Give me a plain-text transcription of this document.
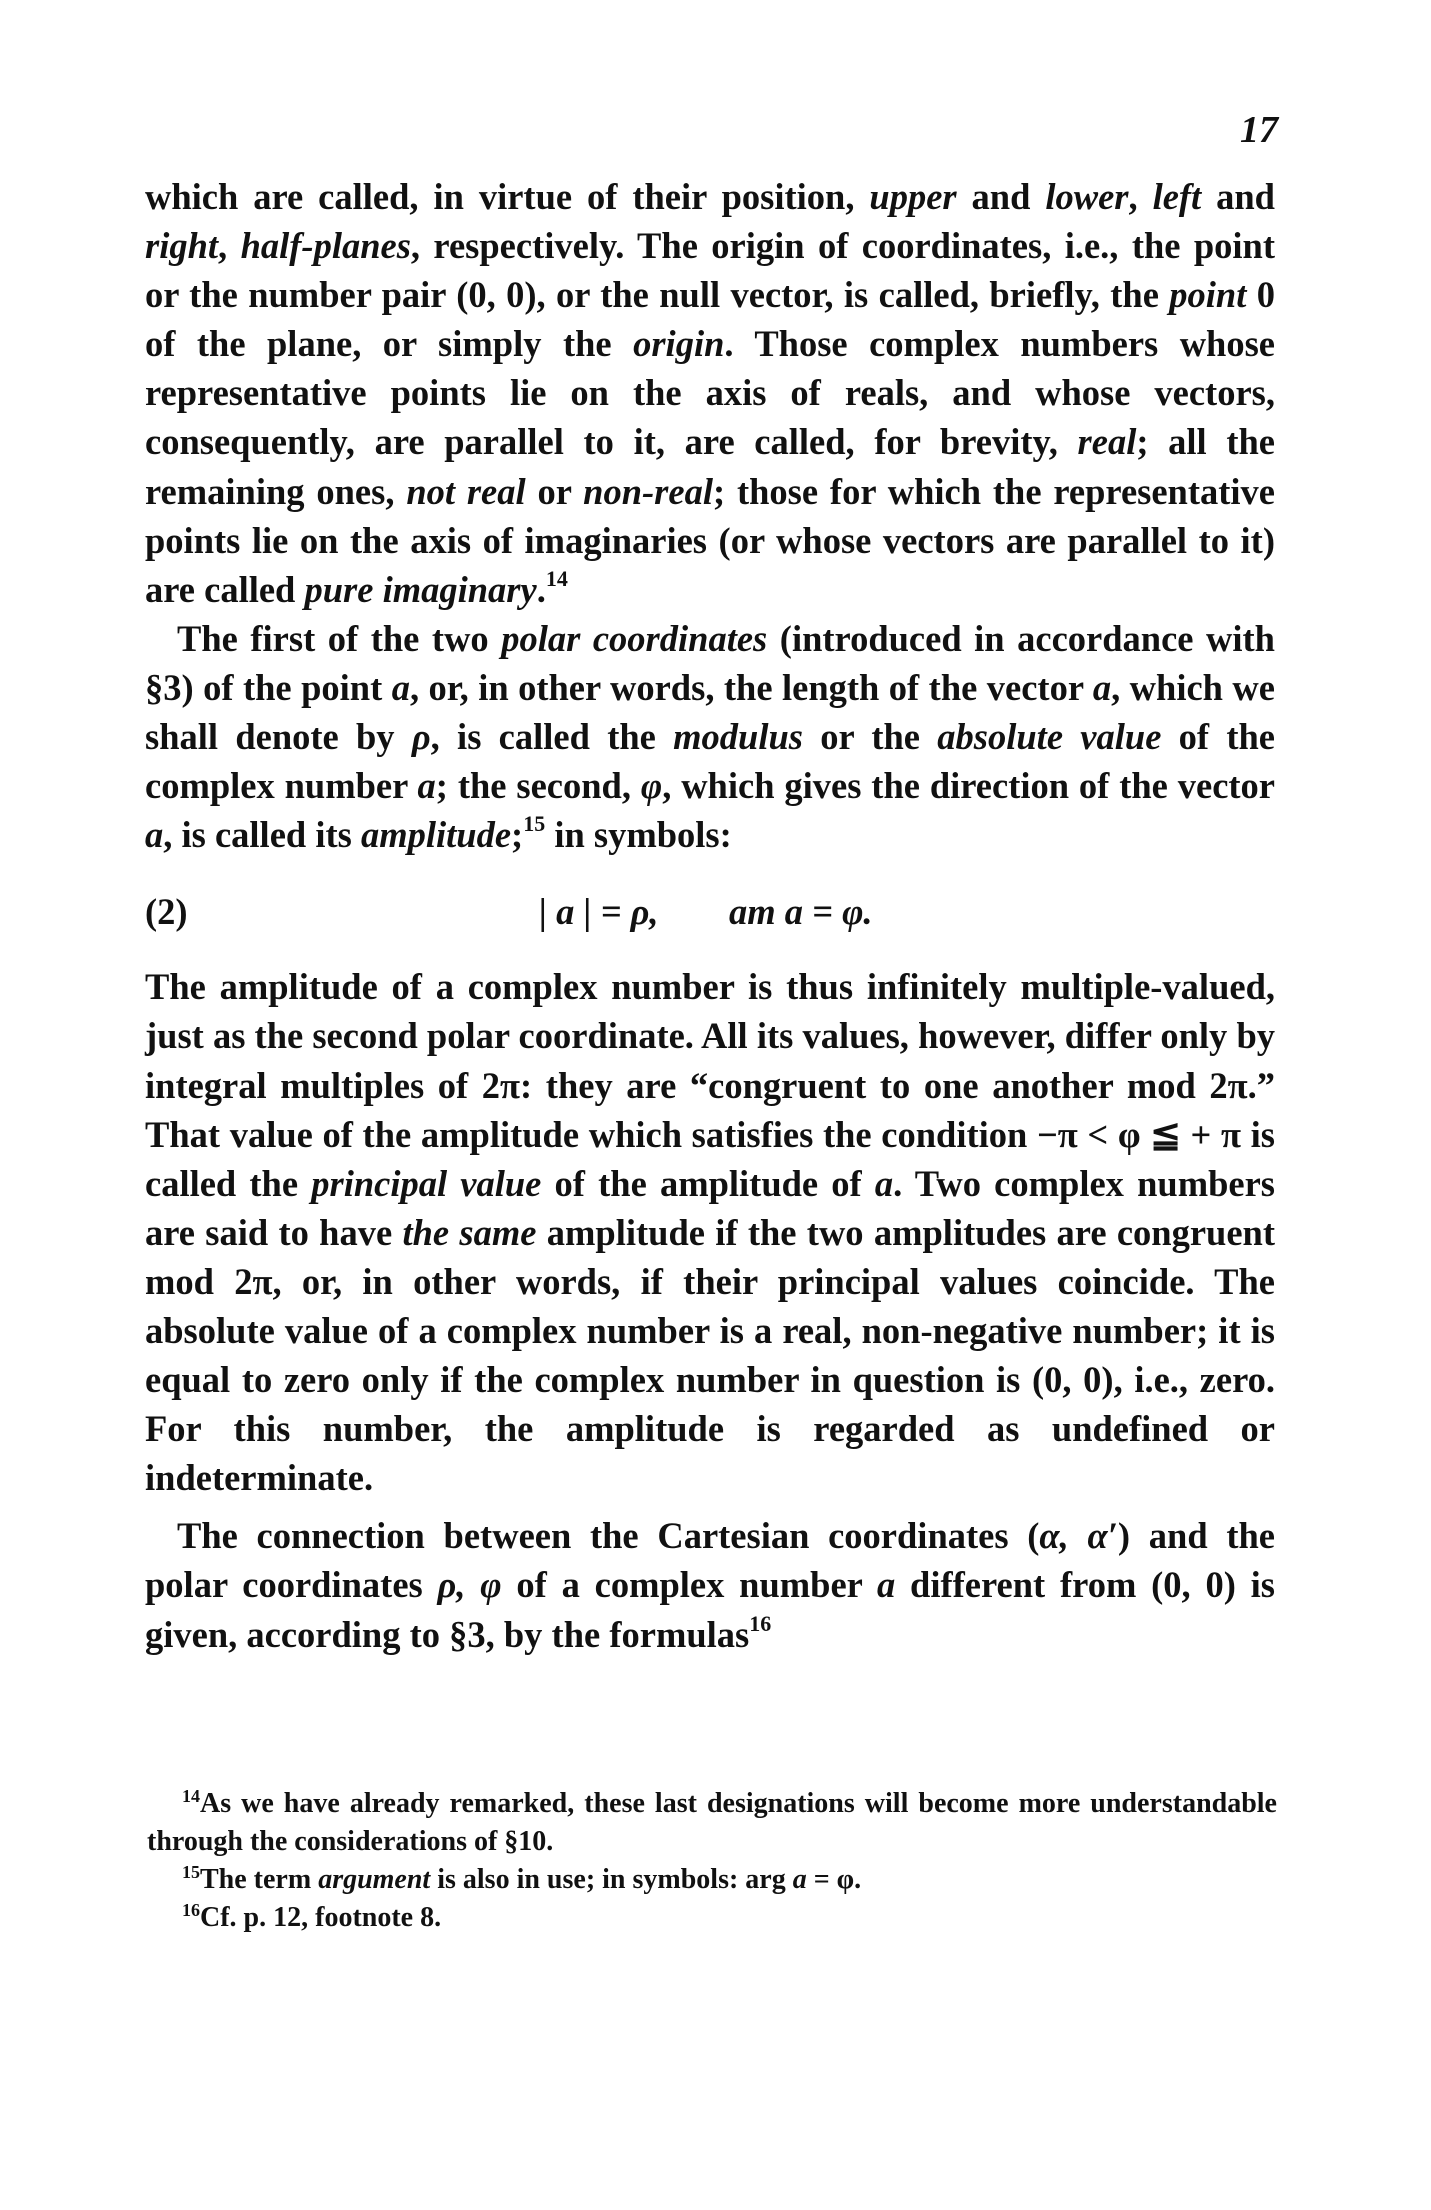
17

which are called, in virtue of their position, upper and lower, left and right, half-planes, respectively. The origin of coordinates, i.e., the point or the number pair (0, 0), or the null vector, is called, briefly, the point 0 of the plane, or simply the origin. Those complex numbers whose representative points lie on the axis of reals, and whose vectors, consequently, are parallel to it, are called, for brevity, real; all the remaining ones, not real or non-real; those for which the representative points lie on the axis of imaginaries (or whose vectors are parallel to it) are called pure imaginary.$^{14}$

The first of the two polar coordinates (introduced in accordance with §3) of the point a, or, in other words, the length of the vector a, which we shall denote by ρ, is called the modulus or the absolute value of the complex number a; the second, φ, which gives the direction of the vector a, is called its amplitude;$^{15}$ in symbols:

(2)	| a | = ρ, am a = φ.

The amplitude of a complex number is thus infinitely multiple-valued, just as the second polar coordinate. All its values, however, differ only by integral multiples of 2π: they are “congruent to one another mod 2π.” That value of the amplitude which satisfies the condition −π < φ ≦ + π is called the principal value of the amplitude of a. Two complex numbers are said to have the same amplitude if the two amplitudes are congruent mod 2π, or, in other words, if their principal values coincide. The absolute value of a complex number is a real, non-negative number; it is equal to zero only if the complex number in question is (0, 0), i.e., zero. For this number, the amplitude is regarded as undefined or indeterminate.

The connection between the Cartesian coordinates (α, α′) and the polar coordinates ρ, φ of a complex number a different from (0, 0) is given, according to §3, by the formulas$^{16}$

$^{14}$As we have already remarked, these last designations will become more understandable through the considerations of §10.

$^{15}$The term argument is also in use; in symbols: arg a = φ.

$^{16}$Cf. p. 12, footnote 8.
